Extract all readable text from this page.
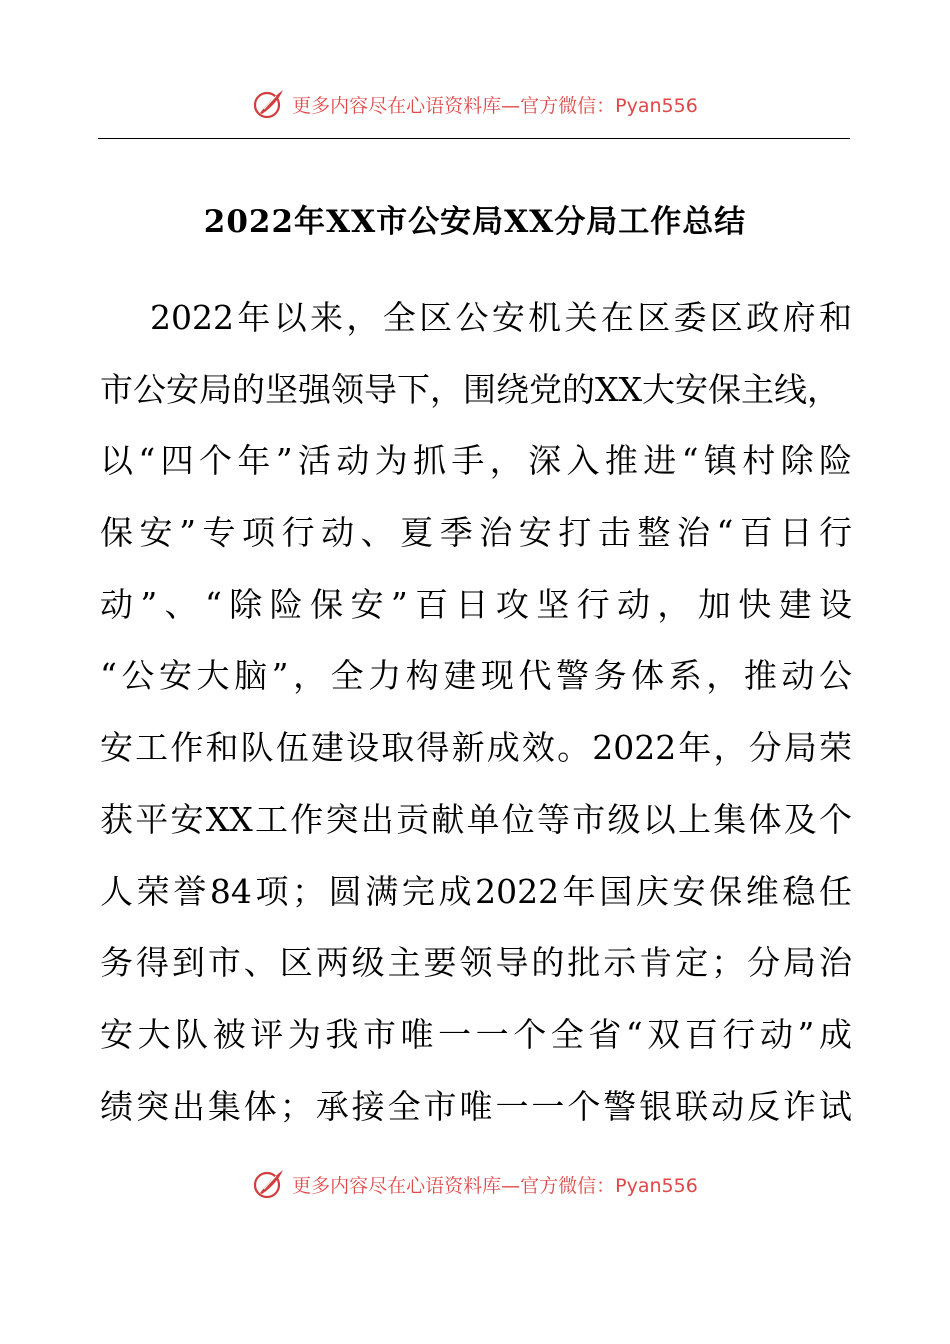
更多内容尽在心语资料库—官方微信：Pyan556
2022年XX市公安局XX分局工作总结
2022年以来，全区公安机关在区委区政府和
市公安局的坚强领导下，围绕党的XX大安保主线，
以“四个年”活动为抓手，深入推进“镇村除险
保安”专项行动、夏季治安打击整治“百日行
动”、“除险保安”百日攻坚行动，加快建设
“公安大脑”，全力构建现代警务体系，推动公
安工作和队伍建设取得新成效。2022年，分局荣
获平安XX工作突出贡献单位等市级以上集体及个
人荣誉84项；圆满完成2022年国庆安保维稳任
务得到市、区两级主要领导的批示肯定；分局治
安大队被评为我市唯一一个全省“双百行动”成
绩突出集体；承接全市唯一一个警银联动反诈试
更多内容尽在心语资料库—官方微信：Pyan556
